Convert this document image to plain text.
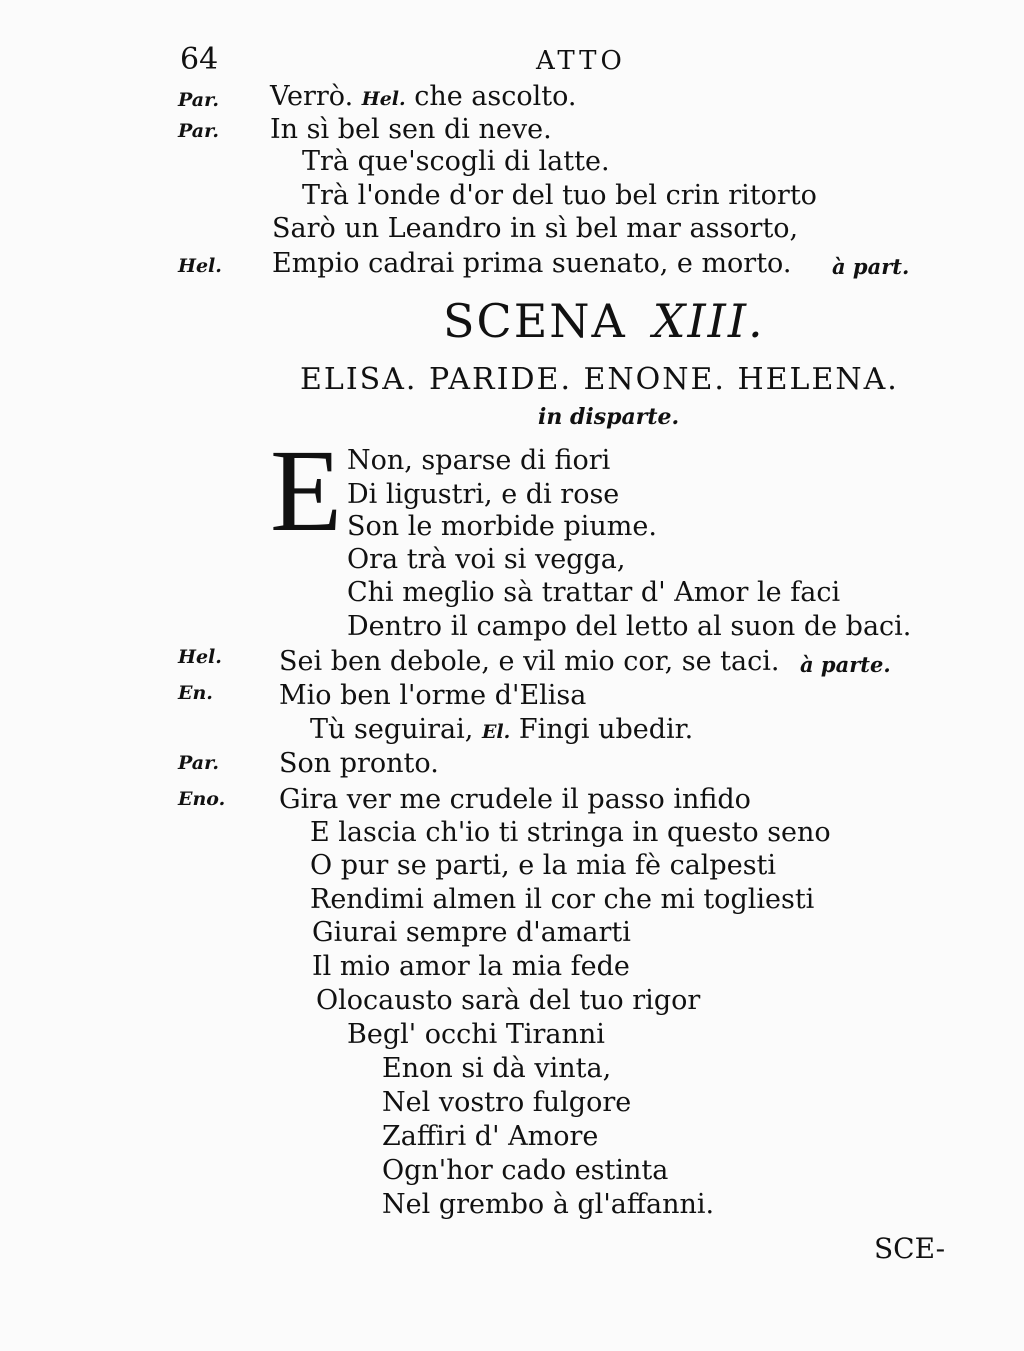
64	ATTO
Par. Verrò. Hel. che ascolto.
Par. In sì bel sen di neve.
Trà que'scogli di latte.
Trà l'onde d'or del tuo bel crin ritorto
Sarò un Leandro in sì bel mar assorto,
Hel. Empio cadrai prima suenato, e morto. à part.
SCENA XIII.
ELISA. PARIDE. ENONE. HELENA.
in disparte.
E Non, sparse di fiori
Di ligustri, e di rose
Son le morbide piume.
Ora trà voi si vegga,
Chi meglio sà trattar d' Amor le faci
Dentro il campo del letto al suon de baci.
Hel. Sei ben debole, e vil mio cor, se taci. à parte.
En. Mio ben l'orme d'Elisa
Tù seguirai, El. Fingi ubedir.
Par. Son pronto.
Eno. Gira ver me crudele il passo infido
E lascia ch'io ti stringa in questo seno
O pur se parti, e la mia fè calpesti
Rendimi almen il cor che mi togliesti
Giurai sempre d'amarti
Il mio amor la mia fede
Olocausto sarà del tuo rigor
Begl' occhi Tiranni
Enon si dà vinta,
Nel vostro fulgore
Zaffiri d' Amore
Ogn'hor cado estinta
Nel grembo à gl'affanni.
SCE-
